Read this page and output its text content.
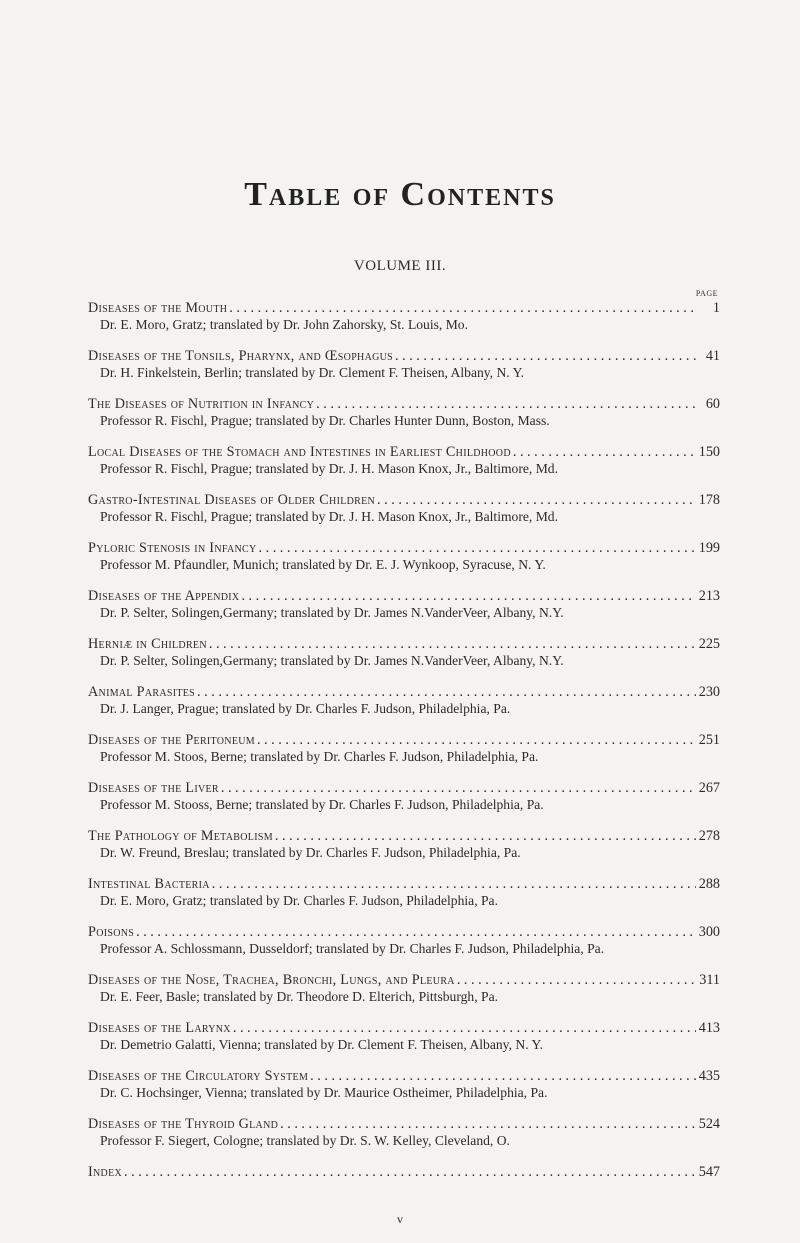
Table of Contents
VOLUME III.
PAGE
Diseases of the Mouth . . .	1
Dr. E. Moro, Gratz; translated by Dr. John Zahorsky, St. Louis, Mo.
Diseases of the Tonsils, Pharynx, and Œsophagus . . .	41
Dr. H. Finkelstein, Berlin; translated by Dr. Clement F. Theisen, Albany, N. Y.
The Diseases of Nutrition in Infancy . . .	60
Professor R. Fischl, Prague; translated by Dr. Charles Hunter Dunn, Boston, Mass.
Local Diseases of the Stomach and Intestines in Earliest Childhood . . .	150
Professor R. Fischl, Prague; translated by Dr. J. H. Mason Knox, Jr., Baltimore, Md.
Gastro-Intestinal Diseases of Older Children . . .	178
Professor R. Fischl, Prague; translated by Dr. J. H. Mason Knox, Jr., Baltimore, Md.
Pyloric Stenosis in Infancy . . .	199
Professor M. Pfaundler, Munich; translated by Dr. E. J. Wynkoop, Syracuse, N. Y.
Diseases of the Appendix . . .	213
Dr. P. Selter, Solingen,Germany; translated by Dr. James N.VanderVeer, Albany, N.Y.
Herniæ in Children . . .	225
Dr. P. Selter, Solingen,Germany; translated by Dr. James N.VanderVeer, Albany, N.Y.
Animal Parasites . . .	230
Dr. J. Langer, Prague; translated by Dr. Charles F. Judson, Philadelphia, Pa.
Diseases of the Peritoneum . . .	251
Professor M. Stoos, Berne; translated by Dr. Charles F. Judson, Philadelphia, Pa.
Diseases of the Liver . . .	267
Professor M. Stooss, Berne; translated by Dr. Charles F. Judson, Philadelphia, Pa.
The Pathology of Metabolism . . .	278
Dr. W. Freund, Breslau; translated by Dr. Charles F. Judson, Philadelphia, Pa.
Intestinal Bacteria . . .	288
Dr. E. Moro, Gratz; translated by Dr. Charles F. Judson, Philadelphia, Pa.
Poisons . . .	300
Professor A. Schlossmann, Dusseldorf; translated by Dr. Charles F. Judson, Philadelphia, Pa.
Diseases of the Nose, Trachea, Bronchi, Lungs, and Pleura . . .	311
Dr. E. Feer, Basle; translated by Dr. Theodore D. Elterich, Pittsburgh, Pa.
Diseases of the Larynx . . .	413
Dr. Demetrio Galatti, Vienna; translated by Dr. Clement F. Theisen, Albany, N. Y.
Diseases of the Circulatory System . . .	435
Dr. C. Hochsinger, Vienna; translated by Dr. Maurice Ostheimer, Philadelphia, Pa.
Diseases of the Thyroid Gland . . .	524
Professor F. Siegert, Cologne; translated by Dr. S. W. Kelley, Cleveland, O.
Index . . .	547
v
